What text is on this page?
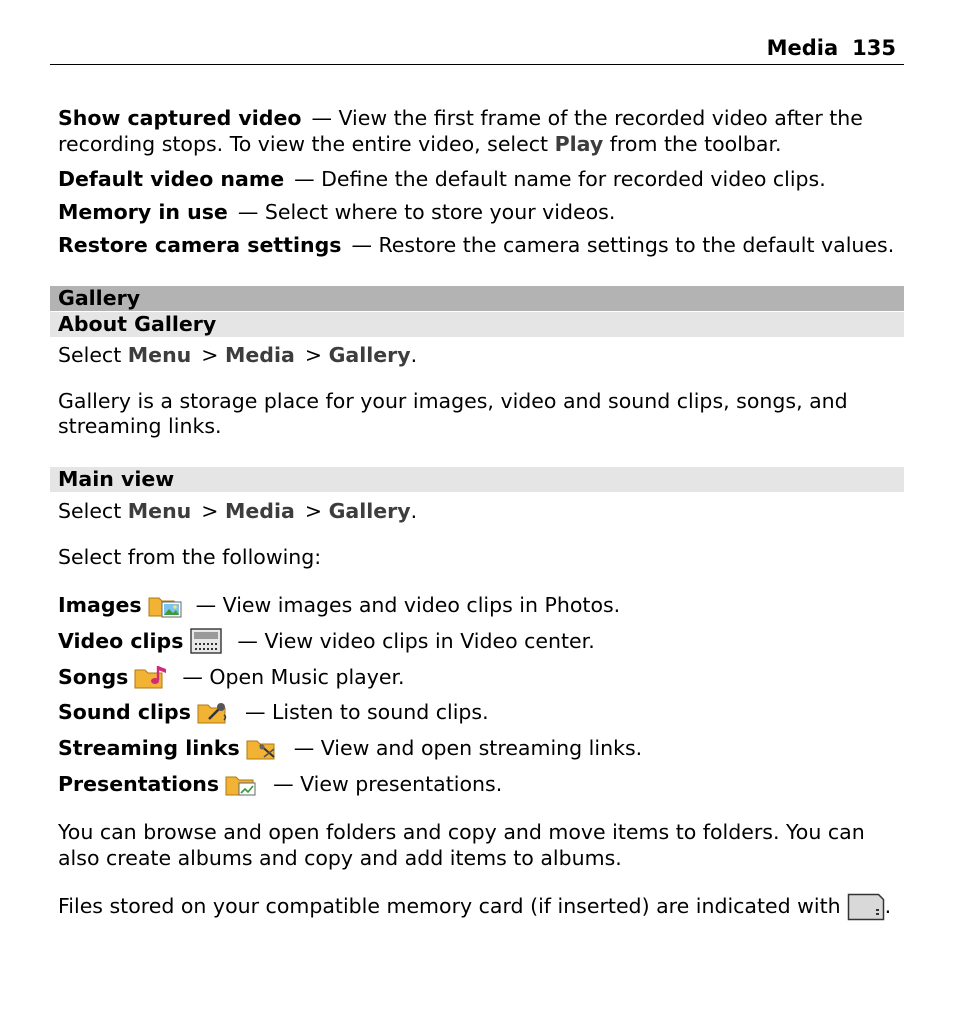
Media 135
Show captured video — View the first frame of the recorded video after the recording stops. To view the entire video, select Play from the toolbar.
Default video name — Define the default name for recorded video clips.
Memory in use — Select where to store your videos.
Restore camera settings — Restore the camera settings to the default values.
Gallery
About Gallery
Select Menu > Media > Gallery.
Gallery is a storage place for your images, video and sound clips, songs, and streaming links.
Main view
Select Menu > Media > Gallery.
Select from the following:
Images	— View images and video clips in Photos.
Video clips	— View video clips in Video center.
Songs	— Open Music player.
Sound clips	— Listen to sound clips.
Streaming links	— View and open streaming links.
Presentations	— View presentations.
You can browse and open folders and copy and move items to folders. You can also create albums and copy and add items to albums.
Files stored on your compatible memory card (if inserted) are indicated with .
